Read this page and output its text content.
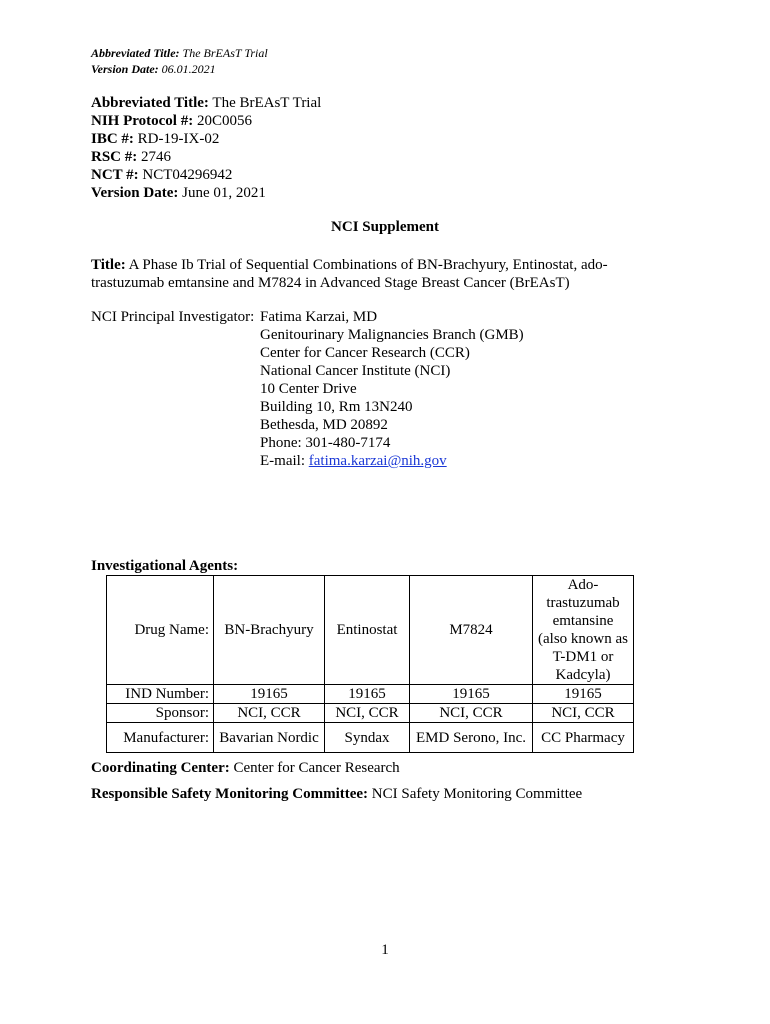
Abbreviated Title: The BrEAsT Trial
Version Date: 06.01.2021
Abbreviated Title: The BrEAsT Trial
NIH Protocol #: 20C0056
IBC #: RD-19-IX-02
RSC #: 2746
NCT #: NCT04296942
Version Date: June 01, 2021
NCI Supplement
Title: A Phase Ib Trial of Sequential Combinations of BN-Brachyury, Entinostat, ado-trastuzumab emtansine and M7824 in Advanced Stage Breast Cancer (BrEAsT)
NCI Principal Investigator: Fatima Karzai, MD
Genitourinary Malignancies Branch (GMB)
Center for Cancer Research (CCR)
National Cancer Institute (NCI)
10 Center Drive
Building 10, Rm 13N240
Bethesda, MD 20892
Phone: 301-480-7174
E-mail: fatima.karzai@nih.gov
Investigational Agents:
Drug Name:	BN-Brachyury	Entinostat	M7824	Ado-trastuzumab emtansine (also known as T-DM1 or Kadcyla)
IND Number:	19165	19165	19165	19165
Sponsor:	NCI, CCR	NCI, CCR	NCI, CCR	NCI, CCR
Manufacturer:	Bavarian Nordic	Syndax	EMD Serono, Inc.	CC Pharmacy
Coordinating Center: Center for Cancer Research
Responsible Safety Monitoring Committee: NCI Safety Monitoring Committee
1
